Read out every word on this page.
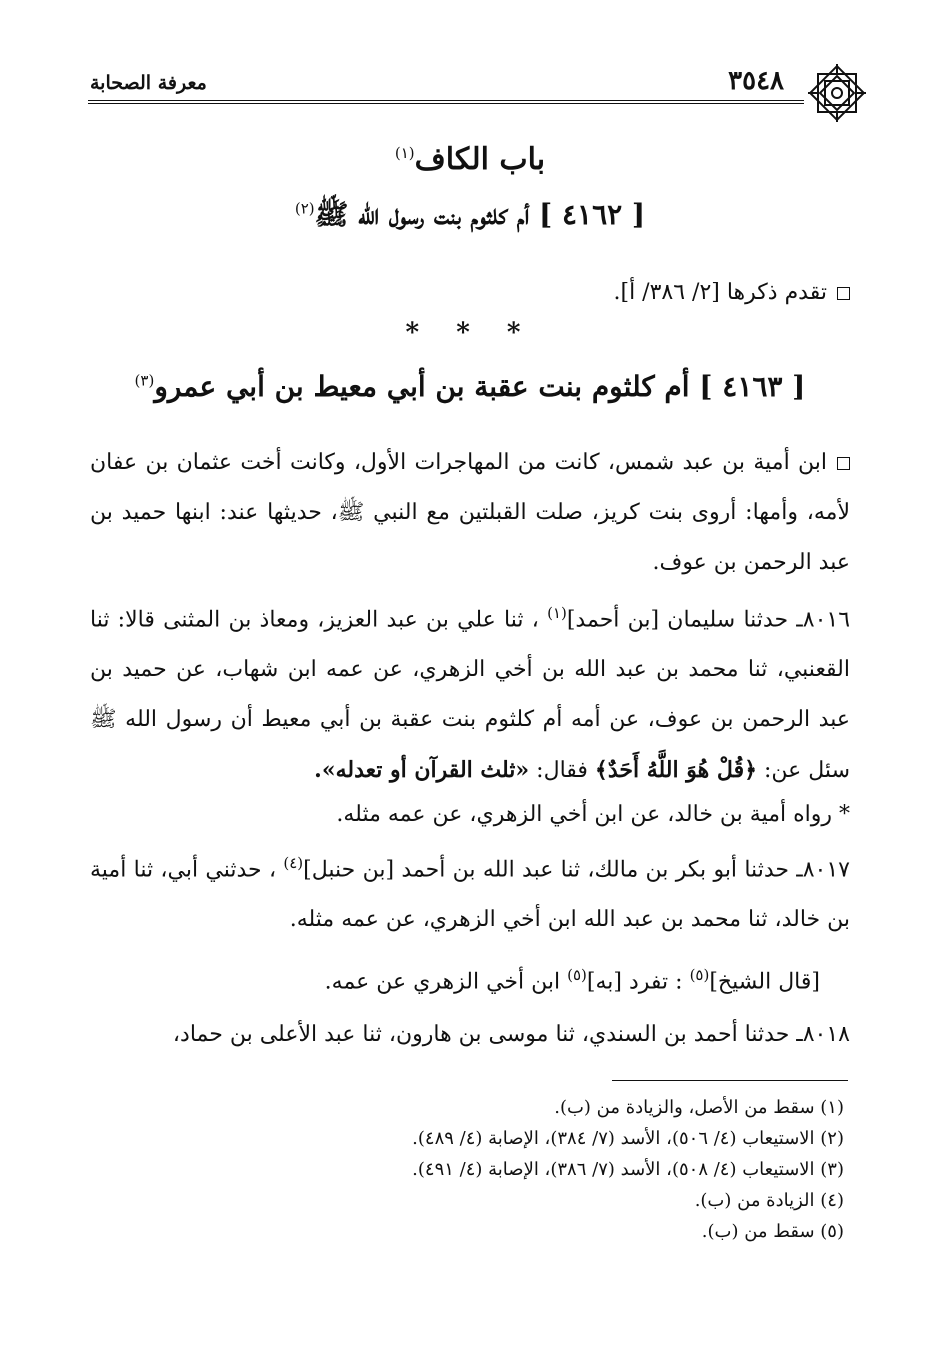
معرفة الصحابة	٣٥٤٨
باب الكاف$^{(١)}$
[ ٤١٦٢ ] أم كلثوم بنت رسول الله ﷺ$^{(٢)}$
تقدم ذكرها [٢/ ٣٨٦/ أ].
* * *
[ ٤١٦٣ ] أم كلثوم بنت عقبة بن أبي معيط بن أبي عمرو$^{(٣)}$
ابن أمية بن عبد شمس، كانت من المهاجرات الأول، وكانت أخت عثمان بن عفان لأمه، وأمها: أروى بنت كريز، صلت القبلتين مع النبي ﷺ، حديثها عند: ابنها حميد بن عبد الرحمن بن عوف.
٨٠١٦ـ حدثنا سليمان [بن أحمد]$^{(١)}$ ، ثنا علي بن عبد العزيز، ومعاذ بن المثنى قالا: ثنا القعنبي، ثنا محمد بن عبد الله بن أخي الزهري، عن عمه ابن شهاب، عن حميد بن عبد الرحمن بن عوف، عن أمه أم كلثوم بنت عقبة بن أبي معيط أن رسول الله ﷺ سئل عن: ﴿قُلْ هُوَ اللَّهُ أَحَدٌ﴾ فقال: «ثلث القرآن أو تعدله».
* رواه أمية بن خالد، عن ابن أخي الزهري، عن عمه مثله.
٨٠١٧ـ حدثنا أبو بكر بن مالك، ثنا عبد الله بن أحمد [بن حنبل]$^{(٤)}$ ، حدثني أبي، ثنا أمية بن خالد، ثنا محمد بن عبد الله ابن أخي الزهري، عن عمه مثله.
[قال الشيخ]$^{(٥)}$ : تفرد [به]$^{(٥)}$ ابن أخي الزهري عن عمه.
٨٠١٨ـ حدثنا أحمد بن السندي، ثنا موسى بن هارون، ثنا عبد الأعلى بن حماد،
(١) سقط من الأصل، والزيادة من (ب).
(٢) الاستيعاب (٤/ ٥٠٦)، الأسد (٧/ ٣٨٤)، الإصابة (٤/ ٤٨٩).
(٣) الاستيعاب (٤/ ٥٠٨)، الأسد (٧/ ٣٨٦)، الإصابة (٤/ ٤٩١).
(٤) الزيادة من (ب).
(٥) سقط من (ب).
